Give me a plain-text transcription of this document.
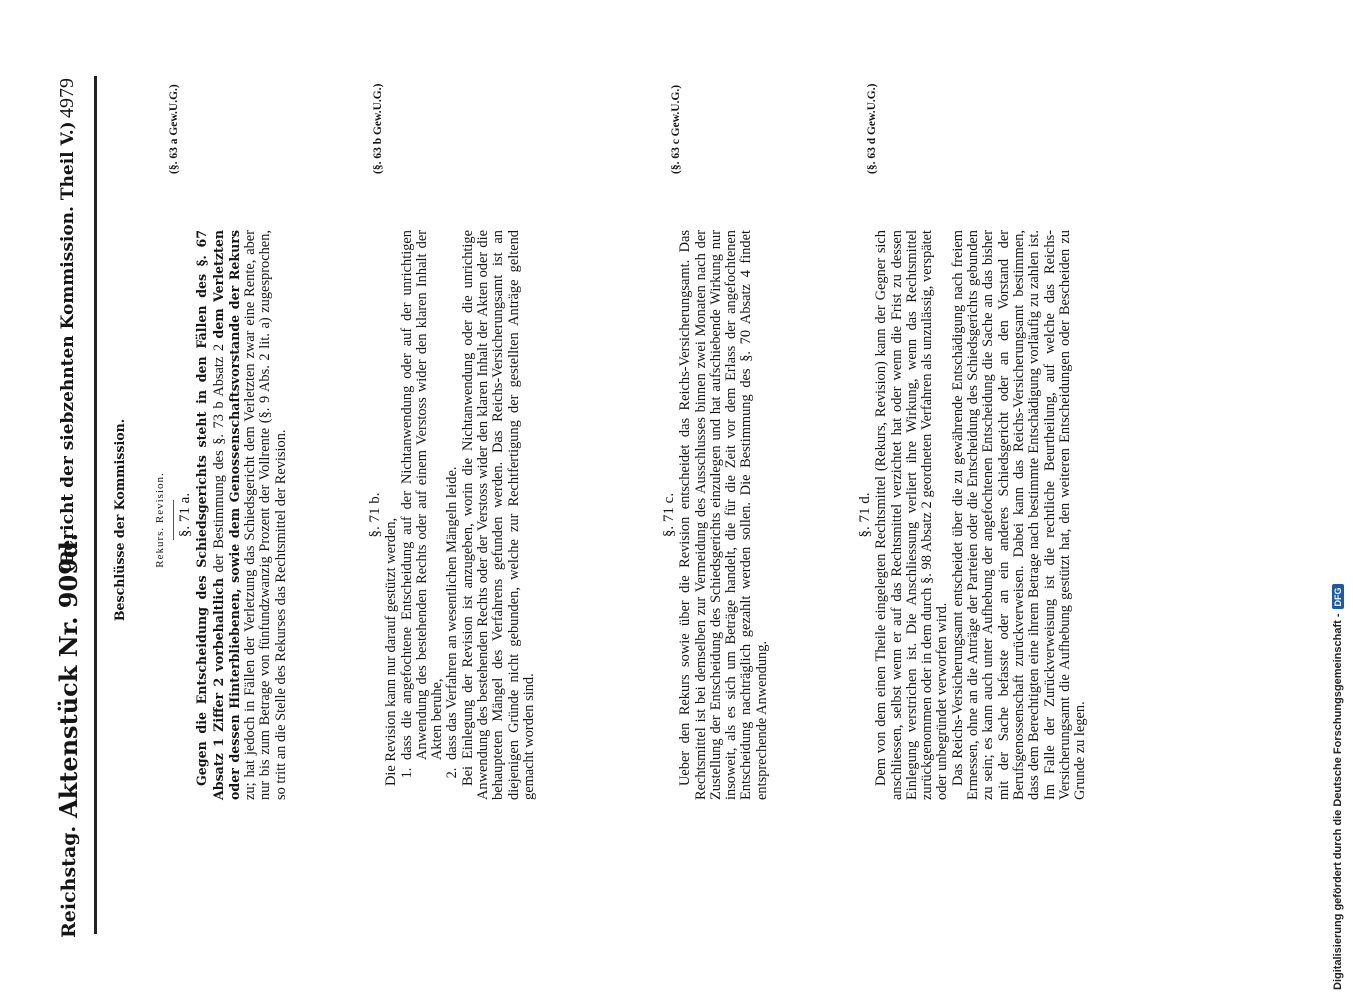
Reichstag.
Aktenstück Nr. 909d.
(Bericht der siebzehnten Kommission. Theil V.)
4979
Beschlüsse der Kommission. Rekurs. Revision. §. 71 a. Gegen die Entscheidung des Schiedsgerichts steht in den Fällen des §. 67 Absatz 1 Ziffer 2 vorbehaltlich der Bestimmung des §. 73 b Absatz 2 dem Verletzten oder dessen Hinterbliebenen, sowie dem Genossenschaftsvorstande der Rekurs zu; hat jedoch in Fällen der Verletzung das Schiedsgericht dem Verletzten zwar eine Rente, aber nur bis zum Betrage von fünfundzwanzig Prozent der Vollrente (§. 9 Abs. 2 lit. a) zugesprochen, so tritt an die Stelle des Rekurses das Rechtsmittel der Revision.

(§. 63 a Gew.U.G.)
§. 71 b.

Die Revision kann nur darauf gestützt werden, 1. dass die angefochtene Entscheidung auf der Nichtanwendung oder auf der unrichtigen Anwendung des bestehenden Rechts oder auf einem Verstoss wider den klaren Inhalt der Akten beruhe, 2. dass das Verfahren an wesentlichen Mängeln leide. Bei Einlegung der Revision ist anzugeben, worin die Nichtanwendung oder die unrichtige Anwendung des bestehenden Rechts oder der Verstoss wider den klaren Inhalt der Akten oder die behaupteten Mängel des Verfahrens gefunden werden. Das Reichs-Versicherungsamt ist an diejenigen Gründe nicht gebunden, welche zur Rechtfertigung der gestellten Anträge geltend gemacht worden sind.

(§. 63 b Gew.U.G.)
§. 71 c. Ueber den Rekurs sowie über die Revision entscheidet das Reichs-Versicherungsamt. Das Rechtsmittel ist bei demselben zur Vermeidung des Ausschlusses binnen zwei Monaten nach der Zustellung der Entscheidung des Schiedsgerichts einzulegen und hat aufschiebende Wirkung nur insoweit, als es sich um Beträge handelt, die für die Zeit vor dem Erlass der angefochtenen Entscheidung nachträglich gezahlt werden sollen. Die Bestimmung des §. 70 Absatz 4 findet entsprechende Anwendung.

(§. 63 c Gew.U.G.)
§. 71 d. Dem von dem einen Theile eingelegten Rechtsmittel (Rekurs, Revision) kann der Gegner sich anschliessen, selbst wenn er auf das Rechtsmittel verzichtet hat oder wenn die Frist zu dessen Einlegung verstrichen ist. Die Anschliessung verliert ihre Wirkung, wenn das Rechtsmittel zurückgenommen oder in dem durch §. 98 Absatz 2 geordneten Verfahren als unzulässig, verspätet oder unbegründet verworfen wird. Das Reichs-Versicherungsamt entscheidet über die zu gewährende Entschädigung nach freiem Ermessen, ohne an die Anträge der Parteien oder die Entscheidung des Schiedsgerichts gebunden zu sein; es kann auch unter Aufhebung der angefochtenen Entscheidung die Sache an das bisher mit der Sache befasste oder an ein anderes Schiedsgericht oder an den Vorstand der Berufsgenossenschaft zurückverweisen. Dabei kann das Reichs-Versicherungsamt bestimmen, dass dem Berechtigten eine ihrem Betrage nach bestimmte Entschädigung vorläufig zu zahlen ist. Im Falle der Zurückverweisung ist die rechtliche Beurtheilung, auf welche das Reichs-Versicherungsamt die Aufhebung gestützt hat, den weiteren Entscheidungen oder Bescheiden zu Grunde zu legen.

(§. 63 d Gew.U.G.)
Digitalisierung gefördert durch die Deutsche Forschungsgemeinschaft -
DFG
